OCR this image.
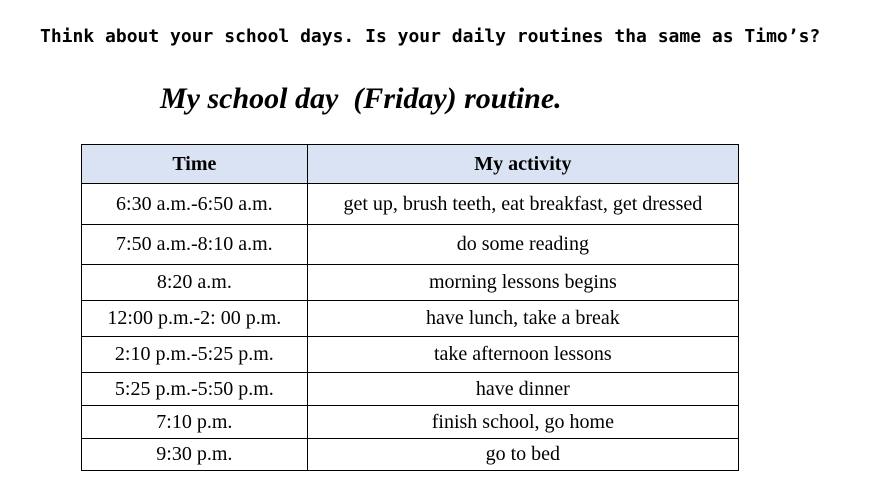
Think about your school days. Is your daily routines tha same as Timo’s?
My school day  (Friday) routine.
Time	My activity
6:30 a.m.-6:50 a.m.	get up, brush teeth, eat breakfast, get dressed
7:50 a.m.-8:10 a.m.	do some reading
8:20 a.m.	morning lessons begins
12:00 p.m.-2: 00 p.m.	have lunch, take a break
2:10 p.m.-5:25 p.m.	take afternoon lessons
5:25 p.m.-5:50 p.m.	have dinner
7:10 p.m.	finish school, go home
9:30 p.m.	go to bed
